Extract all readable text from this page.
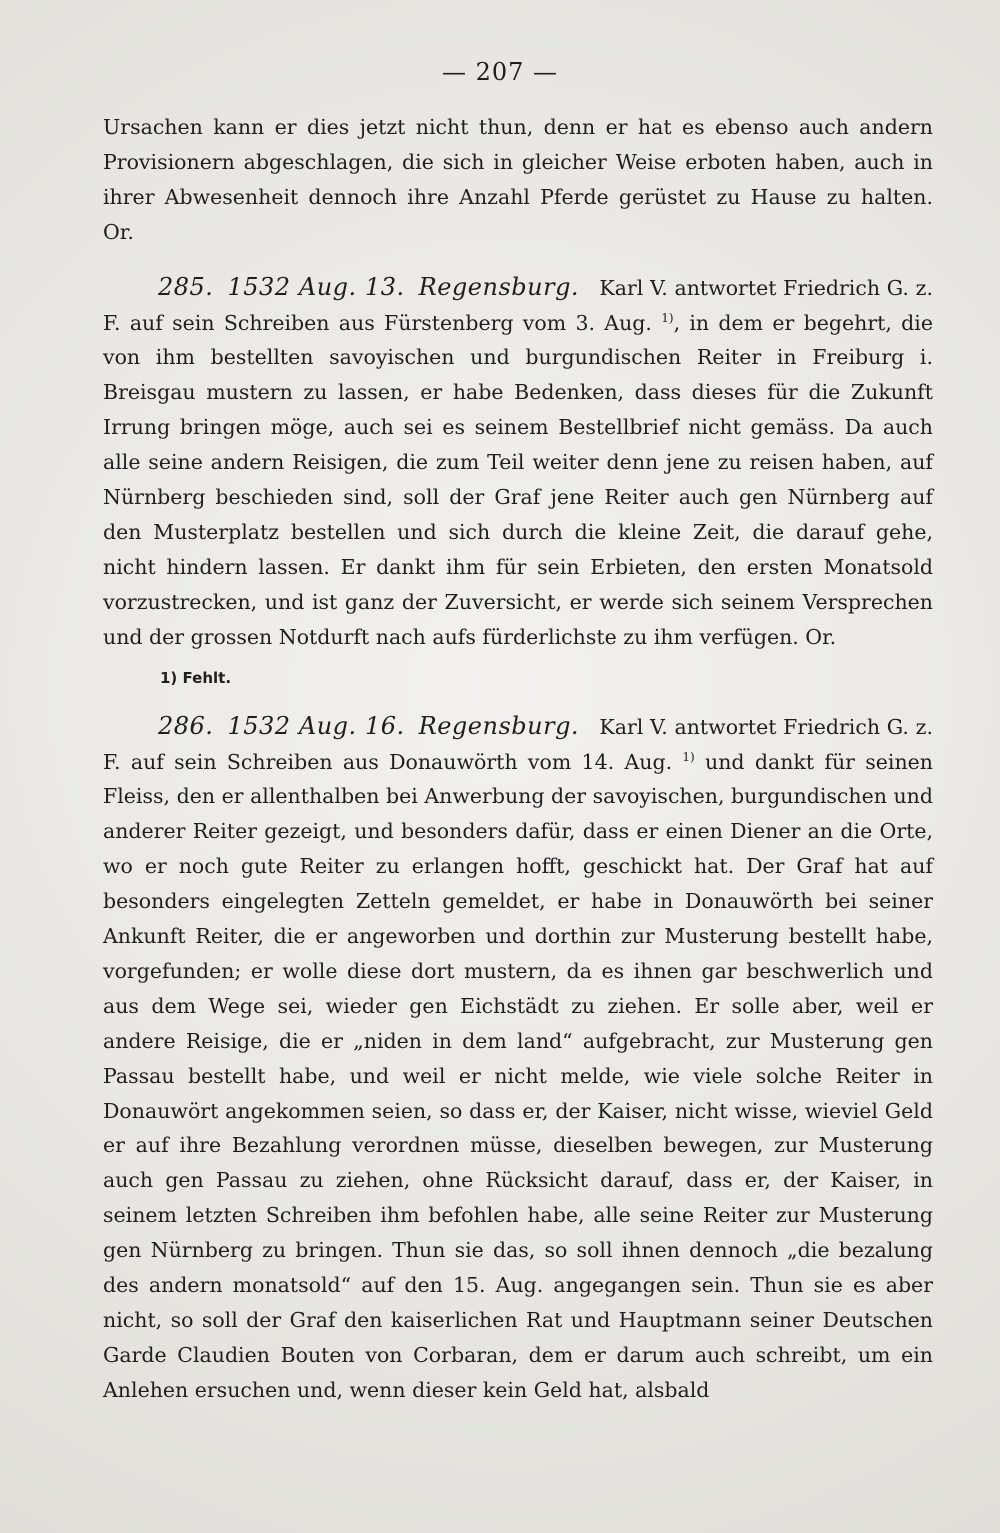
— 207 —

Ursachen kann er dies jetzt nicht thun, denn er hat es ebenso auch andern Provisionern abgeschlagen, die sich in gleicher Weise erboten haben, auch in ihrer Abwesenheit dennoch ihre Anzahl Pferde gerüstet zu Hause zu halten. Or.

285. 1532 Aug. 13. Regensburg. Karl V. antwortet Friedrich G. z. F. auf sein Schreiben aus Fürstenberg vom 3. Aug. $^{1)}$, in dem er begehrt, die von ihm bestellten savoyischen und burgundischen Reiter in Freiburg i. Breisgau mustern zu lassen, er habe Bedenken, dass dieses für die Zukunft Irrung bringen möge, auch sei es seinem Bestellbrief nicht gemäss. Da auch alle seine andern Reisigen, die zum Teil weiter denn jene zu reisen haben, auf Nürnberg beschieden sind, soll der Graf jene Reiter auch gen Nürnberg auf den Musterplatz bestellen und sich durch die kleine Zeit, die darauf gehe, nicht hindern lassen. Er dankt ihm für sein Erbieten, den ersten Monatsold vorzustrecken, und ist ganz der Zuversicht, er werde sich seinem Versprechen und der grossen Notdurft nach aufs fürderlichste zu ihm verfügen. Or.

1) Fehlt.

286. 1532 Aug. 16. Regensburg. Karl V. antwortet Friedrich G. z. F. auf sein Schreiben aus Donauwörth vom 14. Aug. $^{1)}$ und dankt für seinen Fleiss, den er allenthalben bei Anwerbung der savoyischen, burgundischen und anderer Reiter gezeigt, und besonders dafür, dass er einen Diener an die Orte, wo er noch gute Reiter zu erlangen hofft, geschickt hat. Der Graf hat auf besonders eingelegten Zetteln gemeldet, er habe in Donauwörth bei seiner Ankunft Reiter, die er angeworben und dorthin zur Musterung bestellt habe, vorgefunden; er wolle diese dort mustern, da es ihnen gar beschwerlich und aus dem Wege sei, wieder gen Eichstädt zu ziehen. Er solle aber, weil er andere Reisige, die er „niden in dem land“ aufgebracht, zur Musterung gen Passau bestellt habe, und weil er nicht melde, wie viele solche Reiter in Donauwört angekommen seien, so dass er, der Kaiser, nicht wisse, wieviel Geld er auf ihre Bezahlung verordnen müsse, dieselben bewegen, zur Musterung auch gen Passau zu ziehen, ohne Rücksicht darauf, dass er, der Kaiser, in seinem letzten Schreiben ihm befohlen habe, alle seine Reiter zur Musterung gen Nürnberg zu bringen. Thun sie das, so soll ihnen dennoch „die bezalung des andern monatsold“ auf den 15. Aug. angegangen sein. Thun sie es aber nicht, so soll der Graf den kaiserlichen Rat und Hauptmann seiner Deutschen Garde Claudien Bouten von Corbaran, dem er darum auch schreibt, um ein Anlehen ersuchen und, wenn dieser kein Geld hat, alsbald
